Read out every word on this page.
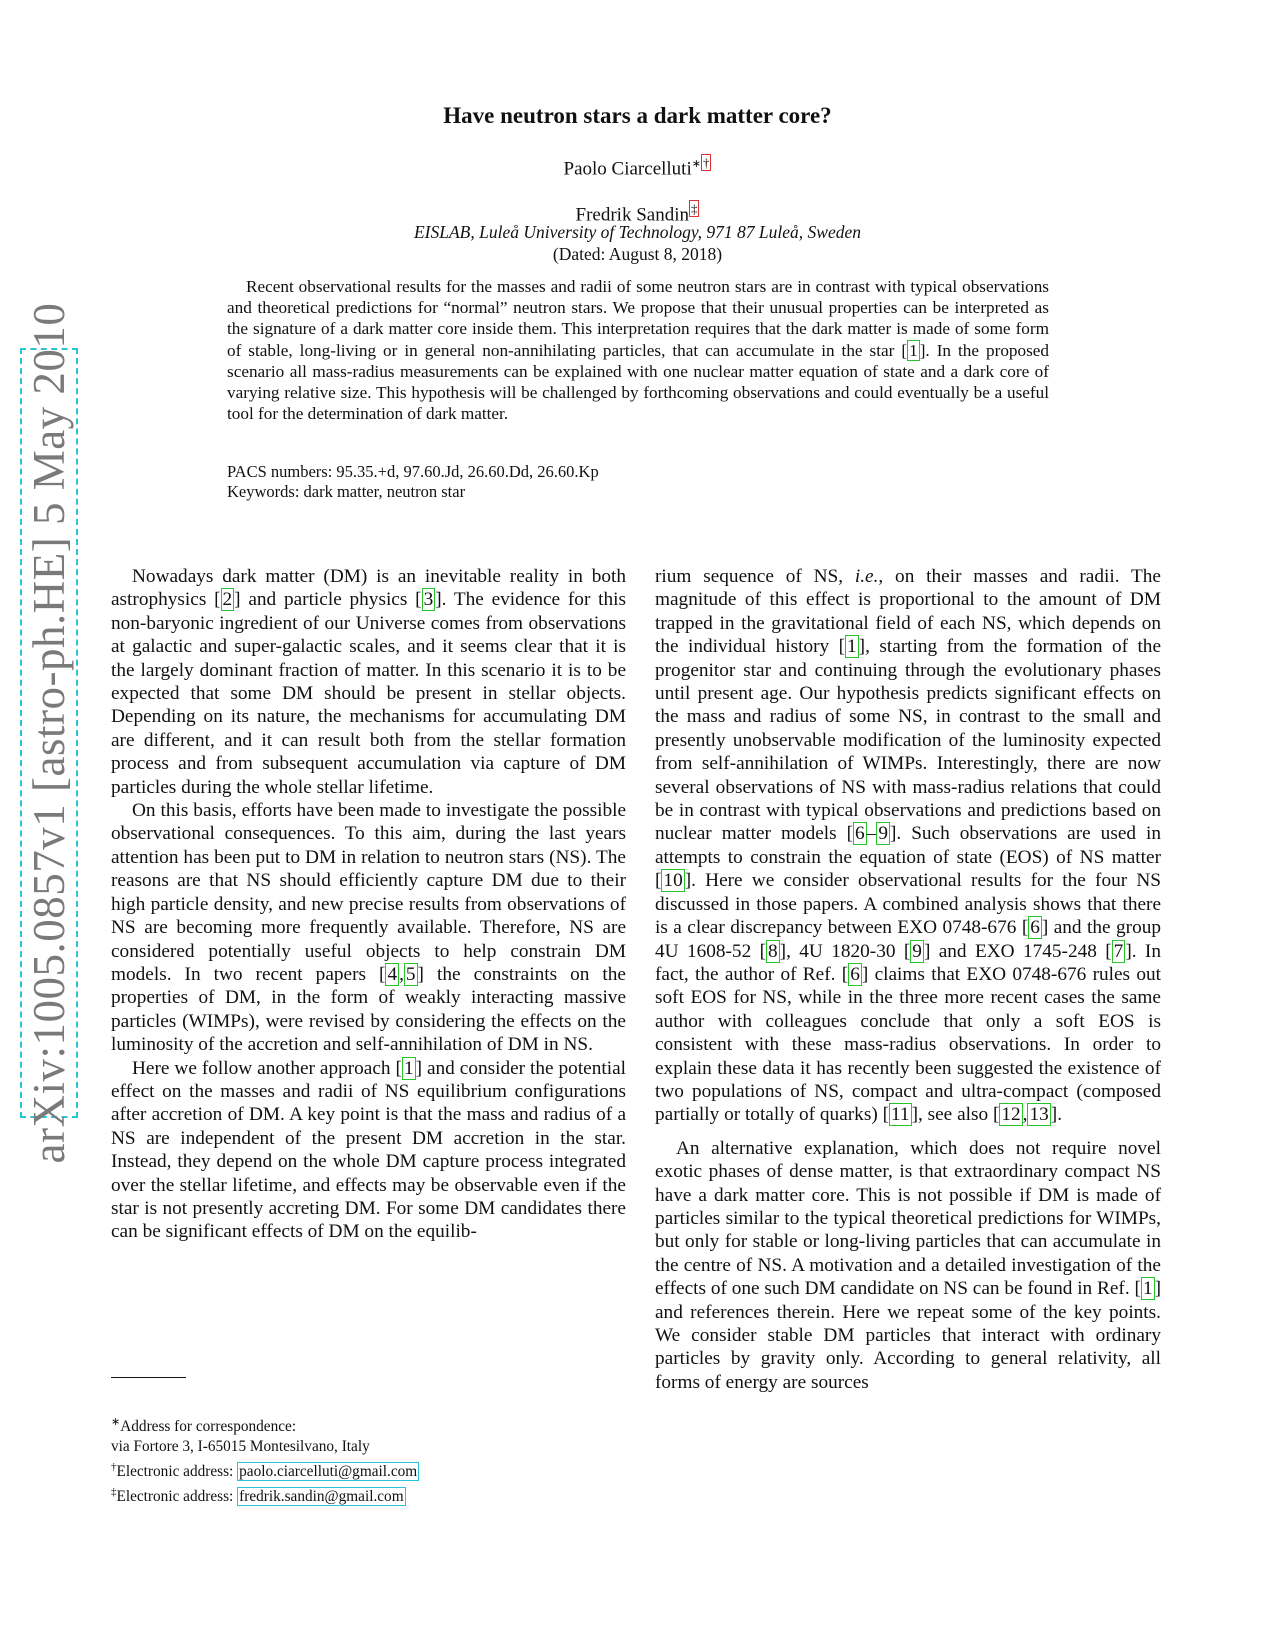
arXiv:1005.0857v1 [astro-ph.HE] 5 May 2010
Have neutron stars a dark matter core?
Paolo Ciarcelluti∗ †
Fredrik Sandin ‡
EISLAB, Luleå University of Technology, 971 87 Luleå, Sweden
(Dated: August 8, 2018)

Recent observational results for the masses and radii of some neutron stars are in contrast with typical observations and theoretical predictions for “normal” neutron stars. We propose that their unusual properties can be interpreted as the signature of a dark matter core inside them. This interpretation requires that the dark matter is made of some form of stable, long-living or in general non-annihilating particles, that can accumulate in the star [ 1 ]. In the proposed scenario all mass-radius measurements can be explained with one nuclear matter equation of state and a dark core of varying relative size. This hypothesis will be challenged by forthcoming observations and could eventually be a useful tool for the determination of dark matter.

PACS numbers: 95.35.+d, 97.60.Jd, 26.60.Dd, 26.60.Kp
Keywords: dark matter, neutron star

Nowadays dark matter (DM) is an inevitable reality in both astrophysics [ 2 ] and particle physics [ 3 ]. The evidence for this non-baryonic ingredient of our Universe comes from observations at galactic and super-galactic scales, and it seems clear that it is the largely dominant fraction of matter. In this scenario it is to be expected that some DM should be present in stellar objects. Depending on its nature, the mechanisms for accumulating DM are different, and it can result both from the stellar formation process and from subsequent accumulation via capture of DM particles during the whole stellar lifetime.

On this basis, efforts have been made to investigate the possible observational consequences. To this aim, during the last years attention has been put to DM in relation to neutron stars (NS). The reasons are that NS should efficiently capture DM due to their high particle density, and new precise results from observations of NS are becoming more frequently available. Therefore, NS are considered potentially useful objects to help constrain DM models. In two recent papers [ 4 , 5 ] the constraints on the properties of DM, in the form of weakly interacting massive particles (WIMPs), were revised by considering the effects on the luminosity of the accretion and self-annihilation of DM in NS.

Here we follow another approach [ 1 ] and consider the potential effect on the masses and radii of NS equilibrium configurations after accretion of DM. A key point is that the mass and radius of a NS are independent of the present DM accretion in the star. Instead, they depend on the whole DM capture process integrated over the stellar lifetime, and effects may be observable even if the star is not presently accreting DM. For some DM candidates there can be significant effects of DM on the equilib-

rium sequence of NS, i.e., on their masses and radii. The magnitude of this effect is proportional to the amount of DM trapped in the gravitational field of each NS, which depends on the individual history [ 1 ], starting from the formation of the progenitor star and continuing through the evolutionary phases until present age. Our hypothesis predicts significant effects on the mass and radius of some NS, in contrast to the small and presently unobservable modification of the luminosity expected from self-annihilation of WIMPs. Interestingly, there are now several observations of NS with mass-radius relations that could be in contrast with typical observations and predictions based on nuclear matter models [ 6 – 9 ]. Such observations are used in attempts to constrain the equation of state (EOS) of NS matter [ 10 ]. Here we consider observational results for the four NS discussed in those papers. A combined analysis shows that there is a clear discrepancy between EXO 0748-676 [ 6 ] and the group 4U 1608-52 [ 8 ], 4U 1820-30 [ 9 ] and EXO 1745-248 [ 7 ]. In fact, the author of Ref. [ 6 ] claims that EXO 0748-676 rules out soft EOS for NS, while in the three more recent cases the same author with colleagues conclude that only a soft EOS is consistent with these mass-radius observations. In order to explain these data it has recently been suggested the existence of two populations of NS, compact and ultra-compact (composed partially or totally of quarks) [ 11 ], see also [ 12 , 13 ].

An alternative explanation, which does not require novel exotic phases of dense matter, is that extraordinary compact NS have a dark matter core. This is not possible if DM is made of particles similar to the typical theoretical predictions for WIMPs, but only for stable or long-living particles that can accumulate in the centre of NS. A motivation and a detailed investigation of the effects of one such DM candidate on NS can be found in Ref. [ 1 ] and references therein. Here we repeat some of the key points. We consider stable DM particles that interact with ordinary particles by gravity only. According to general relativity, all forms of energy are sources

∗Address for correspondence:
via Fortore 3, I-65015 Montesilvano, Italy
†Electronic address: paolo.ciarcelluti@gmail.com
‡Electronic address: fredrik.sandin@gmail.com
